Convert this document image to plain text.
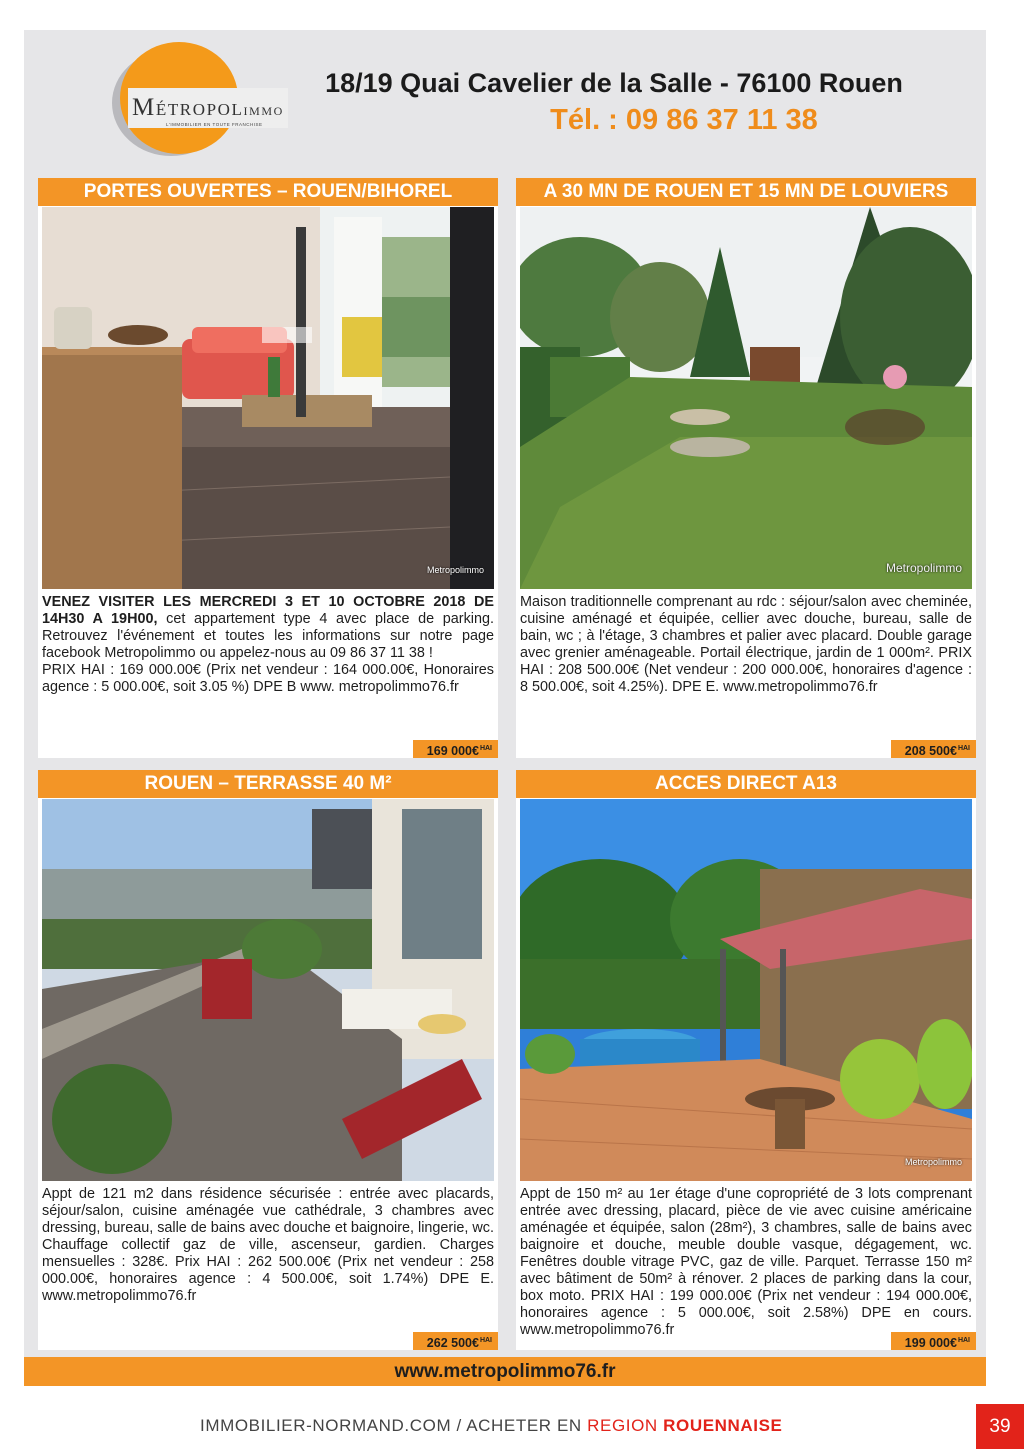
MÉTROPOLIMMO
L'IMMOBILIER EN TOUTE FRANCHISE
18/19 Quai Cavelier de la Salle - 76100 Rouen
Tél. : 09 86 37 11 38
PORTES OUVERTES – ROUEN/BIHOREL
Metropolimmo
VENEZ VISITER LES MERCREDI 3 ET 10 OCTOBRE 2018 DE 14H30 A 19H00, cet appartement type 4 avec place de parking. Retrouvez l'événement et toutes les informations sur notre page facebook Metropolimmo ou appelez-nous au 09 86 37 11 38 !
PRIX HAI : 169 000.00€ (Prix net vendeur : 164 000.00€, Honoraires agence : 5 000.00€, soit 3.05 %) DPE B www. metropolimmo76.fr
169 000€$^{HAI}$
A 30 MN DE ROUEN ET 15 MN DE LOUVIERS
Metropolimmo
Maison traditionnelle comprenant au rdc : séjour/salon avec cheminée, cuisine aménagé et équipée, cellier avec douche, bureau, salle de bain, wc ; à l'étage, 3 chambres et palier avec placard. Double garage avec grenier aménageable. Portail électrique, jardin de 1 000m². PRIX HAI : 208 500.00€ (Net vendeur : 200 000.00€, honoraires d'agence : 8 500.00€, soit 4.25%). DPE E. www.metropolimmo76.fr
208 500€$^{HAI}$
ROUEN – TERRASSE 40 M²
Appt de 121 m2 dans résidence sécurisée : entrée avec placards, séjour/salon, cuisine aménagée vue cathédrale, 3 chambres avec dressing, bureau, salle de bains avec douche et baignoire, lingerie, wc. Chauffage collectif gaz de ville, ascenseur, gardien. Charges mensuelles : 328€. Prix HAI : 262 500.00€ (Prix net vendeur : 258 000.00€, honoraires agence : 4 500.00€, soit 1.74%) DPE E. www.metropolimmo76.fr
262 500€$^{HAI}$
ACCES DIRECT A13
Metropolimmo
Appt de 150 m² au 1er étage d'une copropriété de 3 lots comprenant entrée avec dressing, placard, pièce de vie avec cuisine américaine aménagée et équipée, salon (28m²), 3 chambres, salle de bains avec baignoire et douche, meuble double vasque, dégagement, wc. Fenêtres double vitrage PVC, gaz de ville. Parquet. Terrasse 150 m² avec bâtiment de 50m² à rénover. 2 places de parking dans la cour, box moto. PRIX HAI : 199 000.00€ (Prix net vendeur : 194 000.00€, honoraires agence : 5 000.00€, soit 2.58%) DPE en cours. www.metropolimmo76.fr
199 000€$^{HAI}$
www.metropolimmo76.fr
IMMOBILIER-NORMAND.COM / ACHETER EN REGION ROUENNAISE	39
